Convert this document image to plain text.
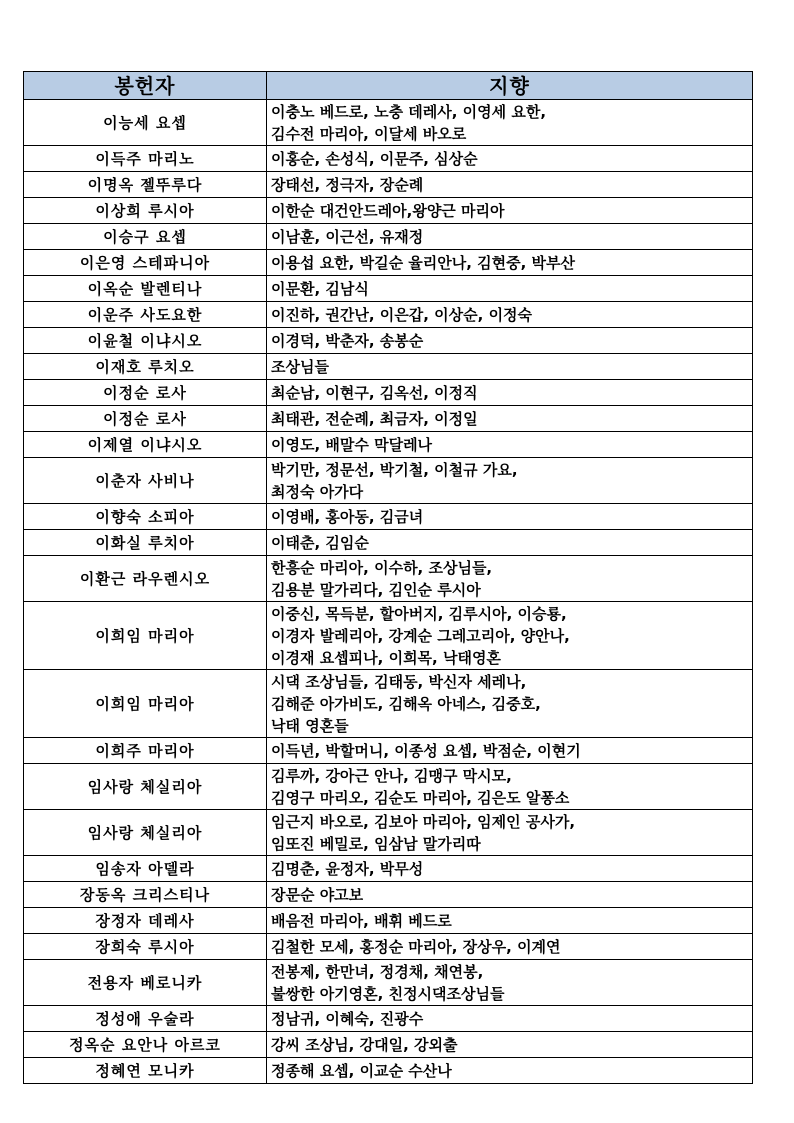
봉헌자	지향
이능세 요셉	이충노 베드로, 노충 데레사, 이영세 요한,
김수전 마리아, 이달세 바오로

이득주 마리노	이홍순, 손성식, 이문주, 심상순

이명옥 젤뚜루다	장태선, 정극자, 장순례

이상희 루시아	이한순 대건안드레아,왕양근 마리아

이승구 요셉	이남훈, 이근선, 유재정

이은영 스테파니아	이용섭 요한, 박길순 율리안나, 김현중, 박부산

이옥순 발렌티나	이문환, 김남식

이운주 사도요한	이진하, 권간난, 이은갑, 이상순, 이정숙

이윤철 이냐시오	이경덕, 박춘자, 송봉순

이재호 루치오	조상님들

이정순 로사	최순남, 이현구, 김옥선, 이정직

이정순 로사	최태관, 전순례, 최금자, 이정일

이제열 이냐시오	이영도, 배말수 막달레나

이춘자 사비나	박기만, 정문선, 박기철, 이철규 가요,
최정숙 아가다

이향숙 소피아	이영배, 홍아동, 김금녀

이화실 루치아	이태춘, 김임순

이환근 라우렌시오	한흥순 마리아, 이수하, 조상님들,
김용분 말가리다, 김인순 루시아

이희임 마리아	이중신, 목득분, 할아버지, 김루시아, 이승룡,
이경자 발레리아, 강계순 그레고리아, 양안나,
이경재 요셉피나, 이희목, 낙태영혼

이희임 마리아	시댁 조상님들, 김태동, 박신자 세레나,
김해준 아가비도, 김해옥 아네스, 김중호,
낙태 영혼들

이희주 마리아	이득년, 박할머니, 이종성 요셉, 박점순, 이현기

임사랑 체실리아	김루까, 강아근 안나, 김맹구 막시모,
김영구 마리오, 김순도 마리아, 김은도 알퐁소

임사랑 체실리아	임근지 바오로, 김보아 마리아, 임제인 공사가,
임또진 베밀로, 임삼남 말가리따

임송자 아델라	김명춘, 윤정자, 박무성

장동옥 크리스티나	장문순 야고보

장정자 데레사	배음전 마리아, 배휘 베드로

장희숙 루시아	김철한 모세, 홍정순 마리아, 장상우, 이계연

전용자 베로니카	전봉제, 한만녀, 정경채, 채연봉,
불쌍한 아기영혼, 친정시댁조상님들

정성애 우술라	정남귀, 이혜숙, 진광수

정옥순 요안나 아르코	강씨 조상님, 강대일, 강외출

정혜연 모니카	정종해 요셉, 이교순 수산나
